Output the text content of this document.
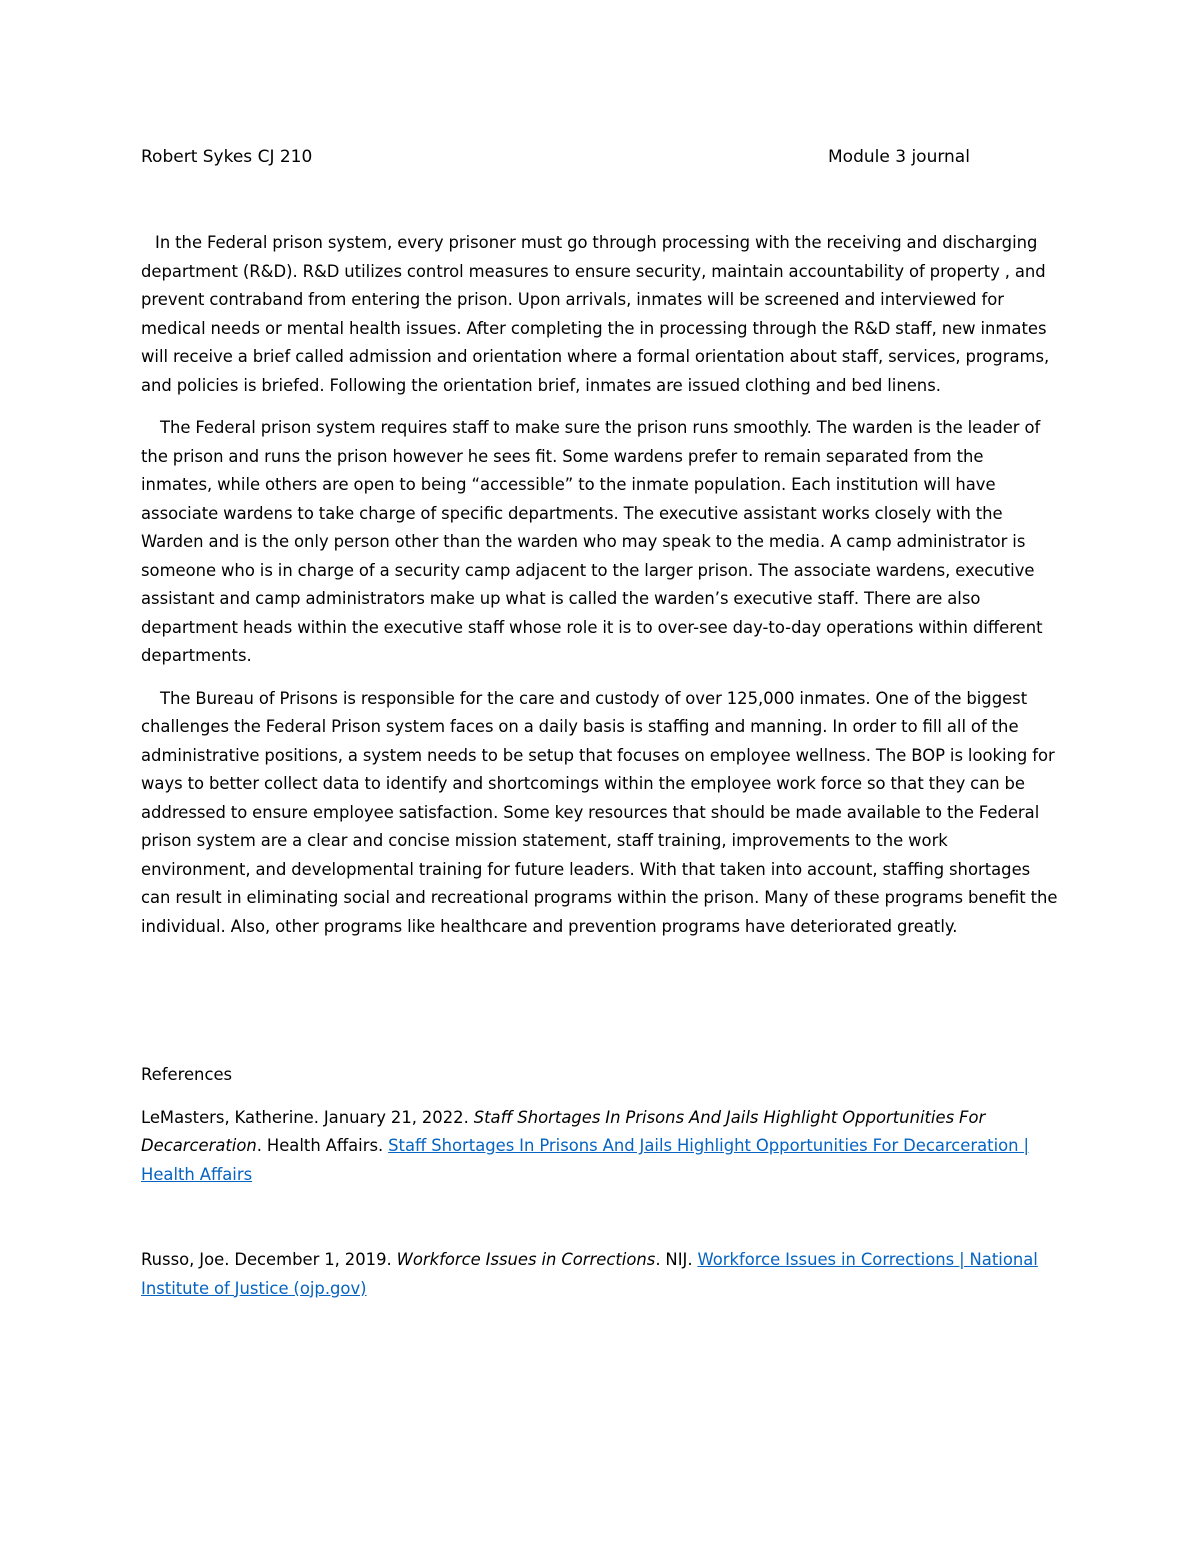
Robert Sykes CJ 210	Module 3 journal

In the Federal prison system, every prisoner must go through processing with the receiving and discharging department (R&D). R&D utilizes control measures to ensure security, maintain accountability of property , and prevent contraband from entering the prison. Upon arrivals, inmates will be screened and interviewed for medical needs or mental health issues. After completing the in processing through the R&D staff, new inmates will receive a brief called admission and orientation where a formal orientation about staff, services, programs, and policies is briefed. Following the orientation brief, inmates are issued clothing and bed linens.

The Federal prison system requires staff to make sure the prison runs smoothly. The warden is the leader of the prison and runs the prison however he sees fit. Some wardens prefer to remain separated from the inmates, while others are open to being “accessible” to the inmate population. Each institution will have associate wardens to take charge of specific departments. The executive assistant works closely with the Warden and is the only person other than the warden who may speak to the media. A camp administrator is someone who is in charge of a security camp adjacent to the larger prison. The associate wardens, executive assistant and camp administrators make up what is called the warden’s executive staff. There are also department heads within the executive staff whose role it is to over-see day-to-day operations within different departments.

The Bureau of Prisons is responsible for the care and custody of over 125,000 inmates. One of the biggest challenges the Federal Prison system faces on a daily basis is staffing and manning. In order to fill all of the administrative positions, a system needs to be setup that focuses on employee wellness. The BOP is looking for ways to better collect data to identify and shortcomings within the employee work force so that they can be addressed to ensure employee satisfaction. Some key resources that should be made available to the Federal prison system are a clear and concise mission statement, staff training, improvements to the work environment, and developmental training for future leaders. With that taken into account, staffing shortages can result in eliminating social and recreational programs within the prison. Many of these programs benefit the individual. Also, other programs like healthcare and prevention programs have deteriorated greatly.

References

LeMasters, Katherine. January 21, 2022. Staff Shortages In Prisons And Jails Highlight Opportunities For Decarceration. Health Affairs. Staff Shortages In Prisons And Jails Highlight Opportunities For Decarceration | Health Affairs

Russo, Joe. December 1, 2019. Workforce Issues in Corrections. NIJ. Workforce Issues in Corrections | National Institute of Justice (ojp.gov)
